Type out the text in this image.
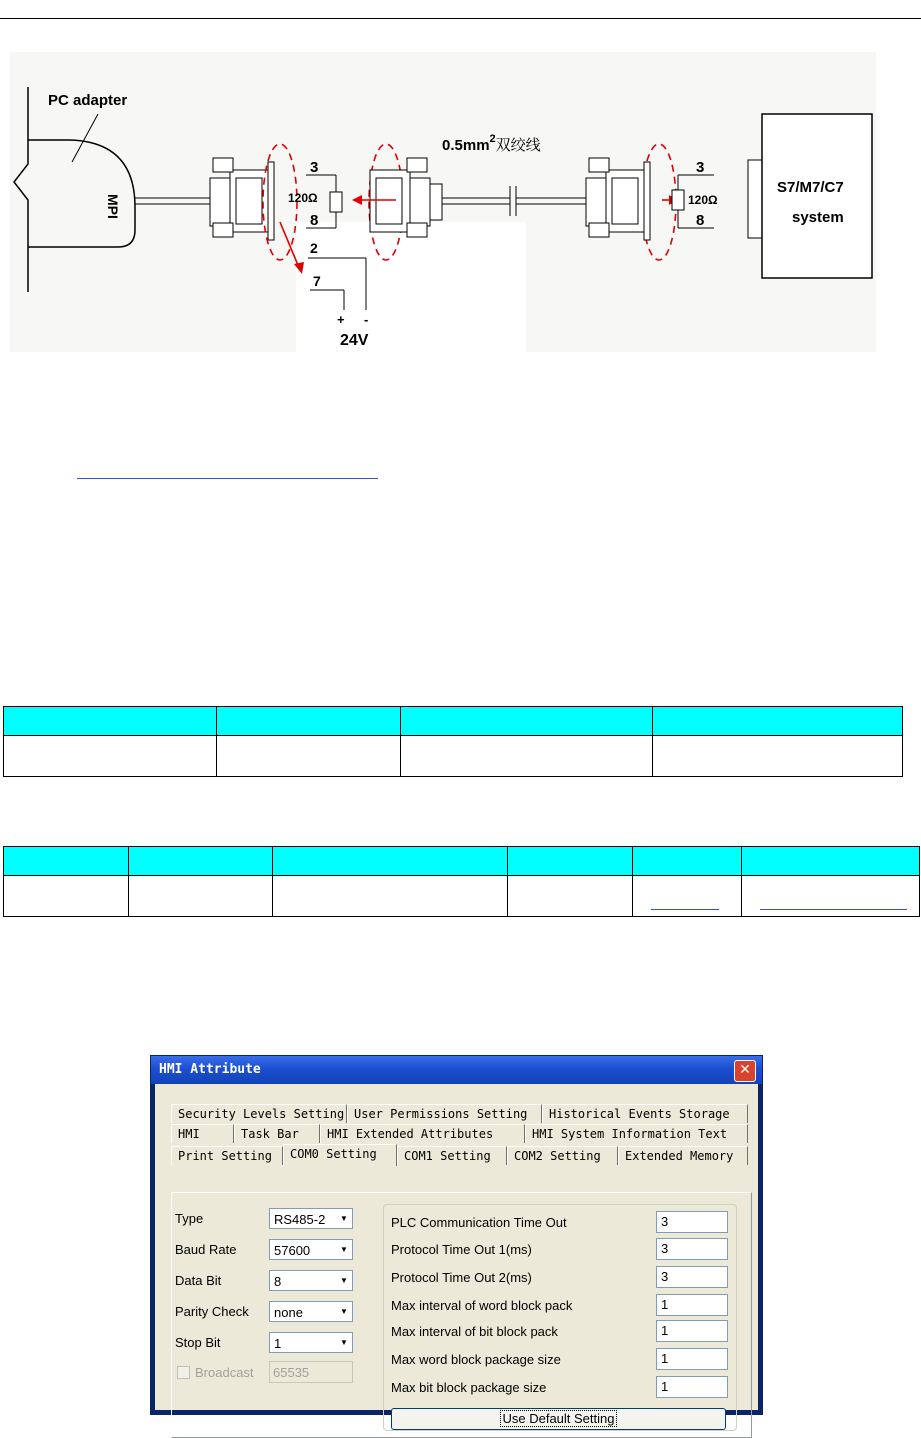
PC adapter
MPI
3
8
120Ω
2
7
+ -
24V
$0.5mm^2$双绞线
3
8
120Ω
S7/M7/C7
system

HMI Attribute	✕
Security Levels Setting User Permissions Setting	Historical Events Storage
HMI	Task Bar	HMI Extended Attributes	HMI System Information Text
Print Setting	COM0 Setting	COM1 Setting	COM2 Setting	Extended Memory
Type	RS485-2	▼
Baud Rate	57600	▼
Data Bit	8	▼
Parity Check none	▼
Stop Bit	1	▼
Broadcast	65535
PLC Communication Time Out	3
Protocol Time Out 1(ms)	3
Protocol Time Out 2(ms)	3
Max interval of word block pack	1
Max interval of bit block pack	1
Max word block package size	1
Max bit block package size	1
Use Default Setting
